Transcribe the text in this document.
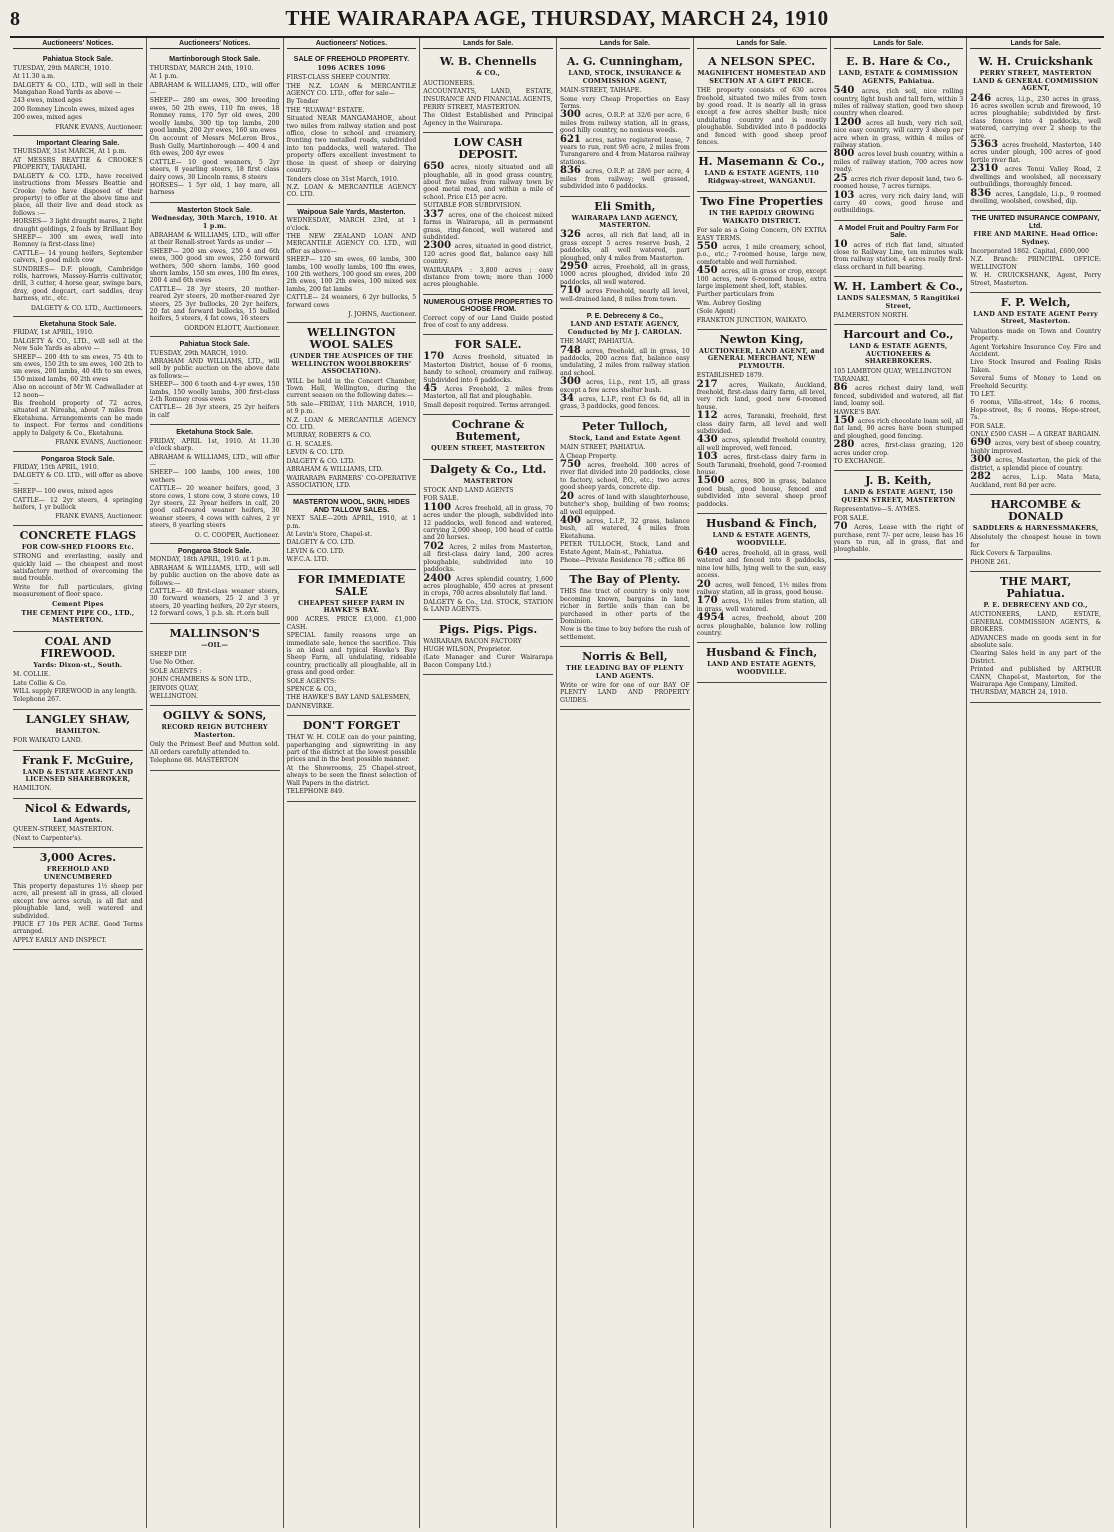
8	THE WAIRARAPA AGE, THURSDAY, MARCH 24, 1910
Auctioneers' Notices.
Pahiatua Stock Sale.

TUESDAY, 29th MARCH, 1910.

At 11.30 a.m.

DALGETY & CO., LTD., will sell in their Mangahao Road Yards as above —

243 ewes, mixed ages

200 Romney Lincoln ewes, mixed ages

200 ewes, mixed ages

FRANK EVANS, Auctioneer.
Important Clearing Sale.

THURSDAY, 31st MARCH, At 1 p.m.

AT MESSRS BEATTIE & CROOKE'S PROPERTY, TARATAHI.

DALGETY & CO. LTD., have received instructions from Messrs Beattie and Crooke (who have disposed of their property) to offer at the above time and place, all their live and dead stock as follows :—

HORSES— 3 light draught mares, 2 light draught geldings, 2 foals by Brilliant Boy

SHEEP— 300 sm ewes, well into Romney (a first-class line)

CATTLE— 14 young heifers, September calvers, 1 good milch cow

SUNDRIES— D.F. plough, Cambridge rolls, harrows, Massey-Harris cultivator, drill, 3 cutter, 4 horse gear, swinge bars, dray, good dogcart, cart saddles, dray harness, etc., etc.

DALGETY & CO. LTD., Auctioneers.
Eketahuna Stock Sale.

FRIDAY, 1st APRIL, 1910.

DALGETY & CO., LTD., will sell at the New Sale Yards as above —

SHEEP— 200 4th to sm ewes, 75 4th to sm ewes, 150 2th to sm ewes, 160 2th to sm ewes, 200 lambs, 40 4th to sm ewes, 150 mixed lambs, 60 2th ewes

Also on account of Mr W. Cadwallader at 12 noon—

Bis freehold property of 72 acres, situated at Nireaha, about 7 miles from Eketahuna. Arrangements can be made to inspect. For terms and conditions apply to Dalgety & Co., Eketahuna.

FRANK EVANS, Auctioneer.
Pongaroa Stock Sale.

FRIDAY, 15th APRIL, 1910.

DALGETY & CO. LTD., will offer as above—

SHEEP— 100 ewes, mixed ages

CATTLE— 12 2yr steers, 4 springing heifers, 1 yr bullock

FRANK EVANS, Auctioneer.
CONCRETE FLAGS
FOR COW-SHED FLOORS Etc.

STRONG and everlasting, easily and quickly laid — the cheapest and most satisfactory method of overcoming the mud trouble.

Write for full particulars, giving measurement of floor space.

Cement Pipes
THE CEMENT PIPE CO., LTD., MASTERTON.
COAL AND FIREWOOD.
Yards: Dixon-st., South.

M. COLLIE.

Late Collie & Co.

WILL supply FIREWOOD in any length.

Telephone 267.

LANGLEY SHAW,
HAMILTON.

FOR WAIKATO LAND.

Frank F. McGuire,
LAND & ESTATE AGENT AND LICENSED SHAREBROKER,

HAMILTON.

Nicol & Edwards,
Land Agents.

QUEEN-STREET, MASTERTON.

(Next to Carpenter's).

3,000 Acres.
FREEHOLD AND UNENCUMBERED

This property depastures 1½ sheep per acre, all present all in grass, all cloued except few acres scrub, is all flat and ploughable land, well watered and subdivided.

PRICE £7 10s PER ACRE. Good Terms arranged.

APPLY EARLY AND INSPECT.

Auctioneers' Notices.
Martinborough Stock Sale.

THURSDAY, MARCH 24th, 1910.

At 1 p.m.

ABRAHAM & WILLIAMS, LTD., will offer —

SHEEP— 280 sm ewes, 300 breeding ewes, 50 2th ewes, 110 fm ewes, 18 Romney rams, 170 5yr old ewes, 200 woolly lambs, 300 tip top lambs, 200 good lambs, 200 2yr ewes, 160 sm ewes

On account of Messrs McLeron Bros., Bush Gully, Martinborough — 400 4 and 6th ewes, 200 4yr ewes

CATTLE— 10 good weaners, 5 2yr steers, 8 yearling steers, 18 first class dairy cows, 30 Lincoln rams, 8 steers

HORSES— 1 5yr old, 1 bay mare, all harness

Masterton Stock Sale.
Wednesday, 30th March, 1910. At 1 p.m.

ABRAHAM & WILLIAMS, LTD., will offer at their Renall-street Yards as under —

SHEEP— 200 sm ewes, 250 4 and 6th ewes, 300 good sm ewes, 250 forward wethers, 500 shorn lambs, 160 good shorn lambs, 150 sm ewes, 100 fm ewes, 200 4 and 6th ewes

CATTLE— 28 3yr steers, 20 mother-reared 2yr steers, 20 mother-reared 2yr steers, 25 3yr bullocks, 20 2yr heifers, 20 fat and forward bullocks, 15 bulled heifers, 5 steers, 4 fat cows, 16 steers

GORDON ELIOTT, Auctioneer.
Pahiatua Stock Sale.

TUESDAY, 29th MARCH, 1910.

ABRAHAM AND WILLIAMS, LTD., will sell by public auction on the above date as follows:—

SHEEP— 300 6 tooth and 4-yr ewes, 150 lambs, 150 woolly lambs, 300 first-class 2-th Romney cross ewes

CATTLE— 28 3yr steers, 25 2yr heifers in calf

Eketahuna Stock Sale.

FRIDAY, APRIL 1st, 1910. At 11.30 o'clock sharp.

ABRAHAM & WILLIAMS, LTD., will offer —

SHEEP— 100 lambs, 100 ewes, 100 wethers

CATTLE— 20 weaner heifers, good, 3 store cows, 1 store cow, 3 store cows, 10 2yr steers, 22 3year heifers in calf, 20 good calf-reared weaner heifers, 30 weaner steers, 4 cows with calves, 2 yr steers, 8 yearling steers

O. C. COOPER, Auctioneer.
Pongaroa Stock Sale.

MONDAY, 18th APRIL, 1910. at 1 p.m.

ABRAHAM & WILLIAMS, LTD., will sell by public auction on the above date as follows:—

CATTLE— 40 first-class weaner steers, 30 forward weaners, 25 2 and 3 yr steers, 20 yearling heifers, 20 2yr steers, 12 forward cows, 1 p.b. sh. rt.orn bull

MALLINSON'S
—OIL—

SHEEP DIP.

Use No Other.

SOLE AGENTS :

JOHN CHAMBERS & SON LTD.,

JERVOIS QUAY,

WELLINGTON.

OGILVY & SONS,
RECORD REIGN BUTCHERY Masterton.

Only the Primest Beef and Mutton sold. All orders carefully attended to.

Telephone 68. MASTERTON

Auctioneers' Notices.
SALE OF FREEHOLD PROPERTY.
1096 ACRES 1096

FIRST-CLASS SHEEP COUNTRY.

THE N.Z. LOAN & MERCANTILE AGENCY CO. LTD., offer for sale—

By Tender

THE "RUAWAI" ESTATE.

Situated NEAR MANGAMAHOE, about two miles from railway station and post office, close to school and creamery, fronting two metalled roads, subdivided into ten paddocks, well watered. The property offers excellent investment to those in quest of sheep or dairying country.

Tenders close on 31st March, 1910.

N.Z. LOAN & MERCANTILE AGENCY CO. LTD.

Waipoua Sale Yards, Masterton.

WEDNESDAY, MARCH 23rd, at 1 o'clock.

THE NEW ZEALAND LOAN AND MERCANTILE AGENCY CO. LTD., will offer as above—

SHEEP— 120 sm ewes, 60 lambs, 300 lambs, 100 woolly lambs, 100 ffm ewes, 100 2th wethers, 100 good sm ewes, 200 2th ewes, 100 2th ewes, 100 mixed sex lambs, 200 fat lambs

CATTLE— 24 weaners, 6 2yr bullocks, 5 forward cows

J. JOHNS, Auctioneer.
WELLINGTON WOOL SALES
(UNDER THE AUSPICES OF THE WELLINGTON WOOLBROKERS' ASSOCIATION).

WILL be held in the Concert Chamber, Town Hall, Wellington, during the current season on the following dates:—

5th sale—FRIDAY, 11th MARCH, 1910, at 9 p.m.

N.Z. LOAN & MERCANTILE AGENCY CO. LTD.

MURRAY, ROBERTS & CO.

G. H. SCALES.

LEVIN & CO. LTD.

DALGETY & CO. LTD.

ABRAHAM & WILLIAMS, LTD.

WAIRARAPA FARMERS' CO-OPERATIVE ASSOCIATION, LTD.

MASTERTON WOOL, SKIN, HIDES AND TALLOW SALES.

NEXT SALE—20th APRIL, 1910, at 1 p.m.

At Levin's Store, Chapel-st.

DALGETY & CO. LTD.

LEVIN & CO. LTD.

W.F.C.A. LTD.

FOR IMMEDIATE SALE
CHEAPEST SHEEP FARM IN HAWKE'S BAY.

900 ACRES. PRICE £3,000. £1,000 CASH.

SPECIAL family reasons urge an immediate sale, hence the sacrifice. This is an ideal and typical Hawke's Bay Sheep Farm, all undulating, rideable country, practically all ploughable, all in grass and good order.

SOLE AGENTS:

SPENCE & CO.,

THE HAWKE'S BAY LAND SALESMEN,

DANNEVIRKE.

DON'T FORGET

THAT W. H. COLE can do your painting, paperhanging and signwriting in any part of the district at the lowest possible prices and in the best possible manner.

At the Showrooms, 25 Chapel-street, always to be seen the finest selection of Wall Papers in the district.

TELEPHONE 849.

Lands for Sale.
W. B. Chennells
& CO.,

AUCTIONEERS.

ACCOUNTANTS, LAND, ESTATE, INSURANCE AND FINANCIAL AGENTS,

PERRY STREET, MASTERTON.

The Oldest Established and Principal Agency in the Wairarapa.

LOW CASH DEPOSIT.

650 acres, nicely situated and all ploughable, all in good grass country, about five miles from railway town by good metal road, and within a mile of school. Price £15 per acre.

SUITABLE FOR SUBDIVISION.

337 acres, one of the choicest mixed farms in Wairarapa, all in permanent grass, ring-fenced, well watered and subdivided.

2300 acres, situated in good district, 120 acres good flat, balance easy hill country.

WAIRARAPA : 3,800 acres ; easy distance from town; more than 1000 acres ploughable.

NUMEROUS OTHER PROPERTIES TO CHOOSE FROM.

Correct copy of our Land Guide posted free of cost to any address.

FOR SALE.

170 Acres freehold, situated in Masterton District, house of 6 rooms, handy to school, creamery and railway. Subdivided into 6 paddocks.

45 Acres Freehold, 2 miles from Masterton, all flat and ploughable.

Small deposit required. Terms arranged.

Cochrane & Butement,
QUEEN STREET, MASTERTON
Dalgety & Co., Ltd.
MASTERTON

STOCK AND LAND AGENTS

FOR SALE.

1100 Acres freehold, all in grass, 70 acres under the plough, subdivided into 12 paddocks, well fenced and watered, carrying 2,000 sheep, 100 head of cattle and 20 horses.

702 Acres, 2 miles from Masterton, all first-class dairy land, 200 acres ploughable, subdivided into 10 paddocks.

2400 Acres splendid country, 1,600 acres ploughable, 450 acres at present in crops, 700 acres absolutely flat land.

DALGETY & Co., Ltd. STOCK, STATION & LAND AGENTS.

Pigs. Pigs. Pigs.

WAIRARAPA BACON FACTORY

HUGH WILSON, Proprietor.

(Late Manager and Curer Wairarapa Bacon Company Ltd.)

Lands for Sale.
A. G. Cunningham,
LAND, STOCK, INSURANCE & COMMISSION AGENT,

MAIN-STREET, TAIHAPE.

Some very Cheap Properties on Easy Terms.

300 acres, O.R.P. at 32/6 per acre, 6 miles from railway station, all in grass, good hilly country, no noxious weeds.

621 acres, native registered lease, 7 years to run, rent 9/6 acre, 2 miles from Turangarere and 4 from Mataroa railway stations.

836 acres, O.R.P. at 28/6 per acre, 4 miles from railway; well grassed, subdivided into 6 paddocks.

Eli Smith,
WAIRARAPA LAND AGENCY, MASTERTON.

326 acres, all rich flat land, all in grass except 5 acres reserve bush, 2 paddocks, all well watered, part ploughed, only 4 miles from Masterton.

2950 acres, Freehold, all in grass, 1000 acres ploughed, divided into 20 paddocks, all well watered.

710 acres Freehold, nearly all level, well-drained land, 8 miles from town.

P. E. Debreceny & Co.,
LAND AND ESTATE AGENCY, Conducted by Mr J. CAROLAN.

THE MART, PAHIATUA.

748 acres, freehold, all in grass, 10 paddocks, 200 acres flat, balance easy undulating, 2 miles from railway station and school.

300 acres, l.i.p., rent 1/5, all grass except a few acres shelter bush.

34 acres, L.I.P., rent £3 6s 6d, all in grass, 3 paddocks, good fences.

Peter Tulloch,
Stock, Land and Estate Agent

MAIN STREET, PAHIATUA.

A Cheap Property.

750 acres, freehold. 300 acres of river flat divided into 20 paddocks, close to factory, school, P.O., etc.; two acres good sheep yards, concrete dip.

20 acres of land with slaughterhouse, butcher's shop, building of two rooms; all well equipped.

400 acres, L.I.P., 32 grass, balance bush, all watered, 4 miles from Eketahuna.

PETER TULLOCH, Stock, Land and Estate Agent, Main-st., Pahiatua.

Phone—Private Residence 78 ; office 86

The Bay of Plenty.

THIS fine tract of country is only now becoming known, bargains in land, richer in fertile soils than can be purchased in other parts of the Dominion.

Now is the time to buy before the rush of settlement.

Norris & Bell,
THE LEADING BAY OF PLENTY LAND AGENTS.

Write or wire for one of our BAY OF PLENTY LAND AND PROPERTY GUIDES.

Lands for Sale.
A NELSON SPEC.
MAGNIFICENT HOMESTEAD AND SECTION AT A GIFT PRICE.

THE property consists of 630 acres freehold, situated two miles from town by good road. It is nearly all in grass except a few acres shelter bush; nice undulating country and is mostly ploughable. Subdivided into 8 paddocks and fenced with good sheep proof fences.

H. Masemann & Co.,
LAND & ESTATE AGENTS, 110 Ridgway-street, WANGANUI.
Two Fine Properties
IN THE RAPIDLY GROWING WAIKATO DISTRICT.

For sale as a Going Concern, ON EXTRA EASY TERMS.

550 acres, 1 mile creamery, school, p.o., etc.; 7-roomed house, large new, comfortable and well furnished.

450 acres, all in grass or crop, except 100 acres, new 6-roomed house, extra large implement shed, loft, stables.

Further particulars from

Wm. Aubrey Gosling

(Sole Agent)

FRANKTON JUNCTION, WAIKATO.

Newton King,
AUCTIONEER, LAND AGENT, and GENERAL MERCHANT, NEW PLYMOUTH.

ESTABLISHED 1879.

217 acres, Waikato, Auckland, freehold, first-class dairy farm, all level, very rich land, good new 6-roomed house.

112 acres, Taranaki, freehold, first class dairy farm, all level and well subdivided.

430 acres, splendid freehold country, all well improved, well fenced.

103 acres, first-class dairy farm in South Taranaki, freehold, good 7-roomed house.

1500 acres, 800 in grass, balance good bush, good house, fenced and subdivided into several sheep proof paddocks.

Husband & Finch,
LAND & ESTATE AGENTS, WOODVILLE.

640 acres, freehold, all in grass, well watered and fenced into 8 paddocks, nine low hills, lying well to the sun, easy access.

20 acres, well fenced, 1½ miles from railway station, all in grass, good house.

170 acres, 1½ miles from station, all in grass, well watered.

4954 acres, freehold, about 200 acres ploughable, balance low rolling country.

Husband & Finch,
LAND AND ESTATE AGENTS, WOODVILLE.
Lands for Sale.
E. B. Hare & Co.,
LAND, ESTATE & COMMISSION AGENTS, Pahiatua.

540 acres, rich soil, nice rolling country, light bush and tall fern, within 3 miles of railway station, good two sheep country when cleared.

1200 acres all bush, very rich soil, nice easy country, will carry 3 sheep per acre when in grass, within 4 miles of railway station.

800 acres level bush country, within a miles of railway station, 700 acres now ready.

25 acres rich river deposit land, two 6-roomed house, 7 acres turnips.

103 acres, very rich dairy land, will carry 40 cows, good house and outbuildings.

A Model Fruit and Poultry Farm For Sale.

10 acres of rich flat land, situated close to Railway Line, ten minutes walk from railway station, 4 acres really first-class orchard in full bearing.

W. H. Lambert & Co.,
LANDS SALESMAN, 5 Rangitikei Street,

PALMERSTON NORTH.

Harcourt and Co.,
LAND & ESTATE AGENTS, AUCTIONEERS & SHAREBROKERS.

105 LAMBTON QUAY, WELLINGTON

TARANAKI.

86 acres richest dairy land, well fenced, subdivided and watered, all flat land, loamy soil.

HAWKE'S BAY.

150 acres rich chocolate loam soil, all flat land, 90 acres have been stumped and ploughed, good fencing.

280 acres, first-class grazing, 120 acres under crop.

TO EXCHANGE.

J. B. Keith,
LAND & ESTATE AGENT, 150 QUEEN STREET, MASTERTON

Representative—S. AYMES.

FOR SALE.

70 Acres, Lease with the right of purchase, rent 7/- per acre, lease has 16 years to run, all in grass, flat and ploughable.

Lands for Sale.
W. H. Cruickshank
PERRY STREET, MASTERTON LAND & GENERAL COMMISSION AGENT,

246 acres, l.i.p., 230 acres in grass, 16 acres swollen scrub and firewood, 10 acres ploughable; subdivided by first-class fences into 4 paddocks, well watered, carrying over 2 sheep to the acre.

5363 acres freehold, Masterton, 140 acres under plough, 100 acres of good fertile river flat.

2310 acres Tenui Valley Road, 2 dwellings and woolshed, all necessary outbuildings, thoroughly fenced.

836 acres, Langdale, l.i.p., 9 roomed dwelling, woolshed, cowshed, dip.

THE UNITED INSURANCE COMPANY, Ltd.
FIRE AND MARINE. Head Office: Sydney.

Incorporated 1862. Capital, £600,000

N.Z. Branch: PRINCIPAL OFFICE: WELLINGTON

W. H. CRUICKSHANK, Agent, Perry Street, Masterton.

F. P. Welch,
LAND AND ESTATE AGENT Perry Street, Masterton.

Valuations made on Town and Country Property.

Agent Yorkshire Insurance Coy. Fire and Accident.

Live Stock Insured and Foaling Risks Taken.

Several Sums of Money to Lend on Freehold Security.

TO LET.

6 rooms, Villa-street, 14s; 6 rooms, Hope-street, 8s; 6 rooms, Hope-street, 7s.

FOR SALE.

ONLY £500 CASH — A GREAT BARGAIN.

690 acres, very best of sheep country, highly improved.

300 acres, Masterton, the pick of the district, a splendid piece of country.

282 acres, L.i.p. Mata Mata, Auckland, rent 8d per acre.

HARCOMBE & DONALD
SADDLERS & HARNESSMAKERS,

Absolutely the cheapest house in town for

Rick Covers & Tarpaulins.

PHONE 261.

THE MART, Pahiatua.
P. E. DEBRECENY AND CO.,

AUCTIONEERS, LAND, ESTATE, GENERAL COMMISSION AGENTS, & BROKERS.

ADVANCES made on goods sent in for absolute sale.

Clearing Sales held in any part of the District.

Printed and published by ARTHUR CANN, Chapel-st, Masterton, for the Wairarapa Age Company, Limited.

THURSDAY, MARCH 24, 1910.
